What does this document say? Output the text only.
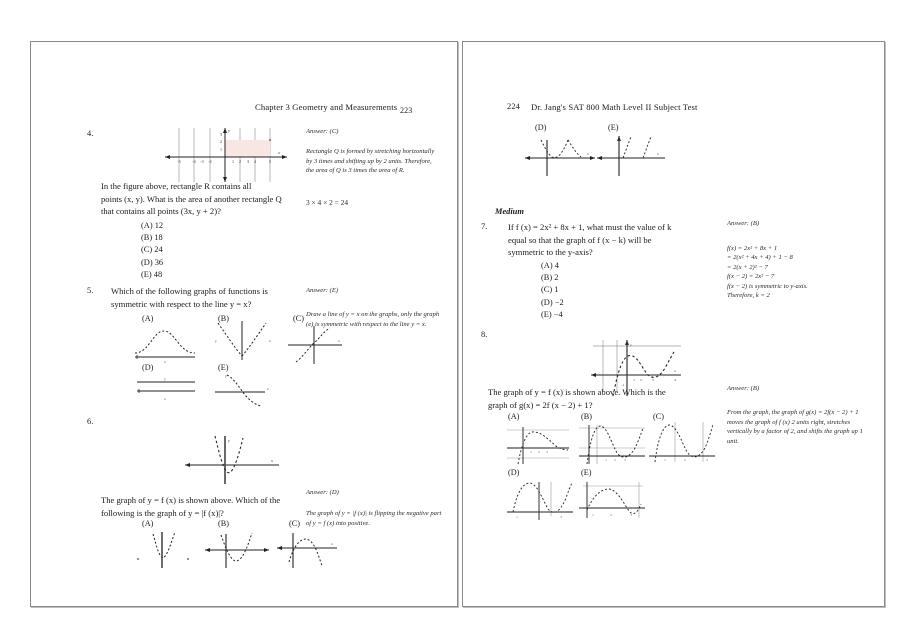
Chapter 3 Geometry and Measurements 223
4.
-5	-4 -3 -2	1 2 3 4	5
3
2
1
x
y
In the figure above, rectangle R contains all
points (x, y). What is the area of another rectangle Q
that contains all points (3x, y + 2)?
(A) 12
(B) 18
(C) 24
(D) 36
(E) 48
Answer: (C)
Rectangle Q is formed by stretching horizontally by 3 times and shifting up by 2 units. Therefore, the area of Q is 3 times the area of R.
3 × 4 × 2 = 24
5. Which of the following graphs of functions is
symmetric with respect to the line y = x?
Answer: (E)
Draw a line of y = x on the graphs, only the graph (e) is symmetric with respect to the line y = x.
(A)	(B)	(C)
(D)	(E)
x
y	x	x
y
x
y
x
6.
x
y
The graph of y = f (x) is shown above. Which of the
following is the graph of y = |f (x)|?
Answer: (D)
The graph of y = |f (x)| is flipping the negative part of y = f (x) into positive.
(A)	(B)	(C)
x
224 Dr. Jang's SAT 800 Math Level II Subject Test
(D)	(E)
x	x
Medium
7. If f (x) = 2x² + 8x + 1, what must the value of k
equal so that the graph of f (x − k) will be
symmetric to the y-axis?
(A) 4
(B) 2
(C) 1
(D) −2
(E) −4
Answer: (B)
f(x) = 2x² + 8x + 1
= 2(x² + 4x + 4) + 1 − 8
= 2(x + 2)² − 7
f(x − 2) = 2x² − 7
f(x − 2) is symmetric to y-axis.
Therefore, k = 2
8.
1 2	3	4
-1
x
y
The graph of y = f (x) is shown above. Which is the
graph of g(x) = 2f (x − 2) + 1?
Answer: (B)
From the graph, the graph of g(x) = 2f(x − 2) + 1 moves the graph of f (x) 2 units right, stretches vertically by a factor of 2, and shifts the graph up 1 unit.
(A)	(B)	(C)
(D)	(E)
1 2 3
1	2	3	1	2	3
1	2	3	1	2	3
